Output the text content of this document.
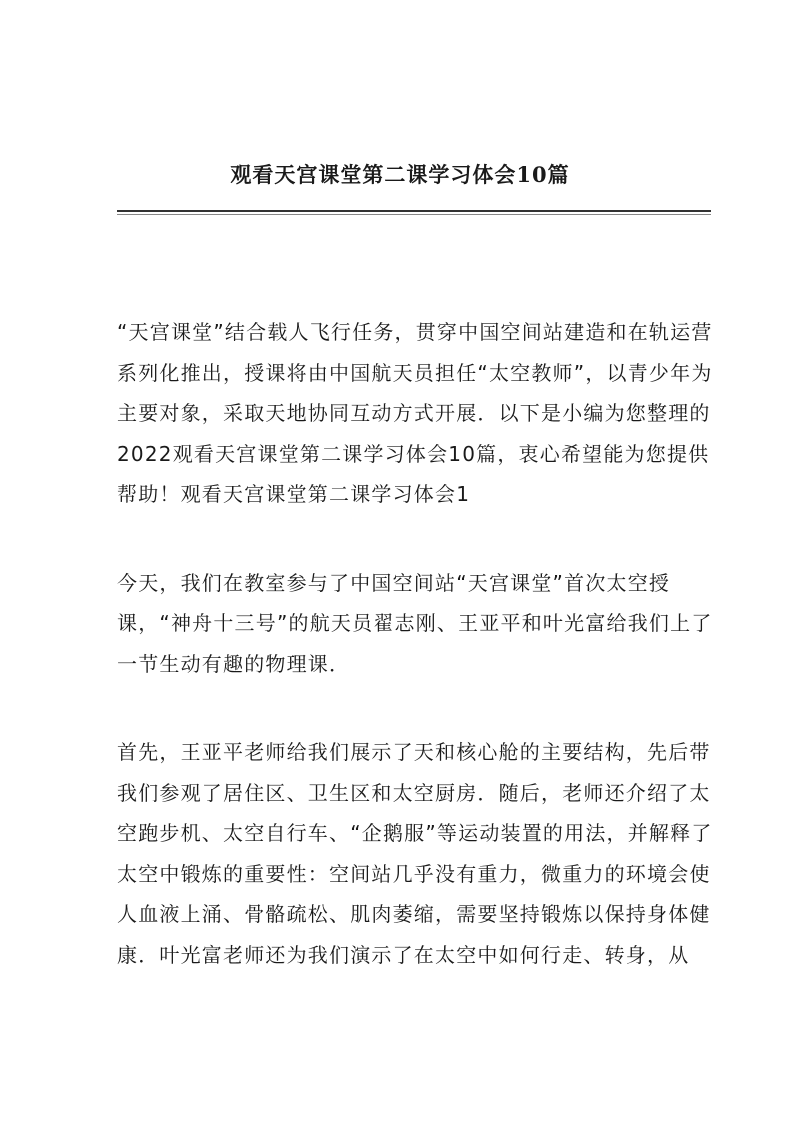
观看天宫课堂第二课学习体会10篇

“天宫课堂”结合载人飞行任务，贯穿中国空间站建造和在轨运营系列化推出，授课将由中国航天员担任“太空教师”，以青少年为主要对象，采取天地协同互动方式开展．以下是小编为您整理的2022观看天宫课堂第二课学习体会10篇，衷心希望能为您提供帮助！观看天宫课堂第二课学习体会1

今天，我们在教室参与了中国空间站“天宫课堂”首次太空授课，“神舟十三号”的航天员翟志刚、王亚平和叶光富给我们上了一节生动有趣的物理课．

首先，王亚平老师给我们展示了天和核心舱的主要结构，先后带我们参观了居住区、卫生区和太空厨房．随后，老师还介绍了太空跑步机、太空自行车、“企鹅服”等运动装置的用法，并解释了太空中锻炼的重要性：空间站几乎没有重力，微重力的环境会使人血液上涌、骨骼疏松、肌肉萎缩，需要坚持锻炼以保持身体健康．叶光富老师还为我们演示了在太空中如何行走、转身，从
